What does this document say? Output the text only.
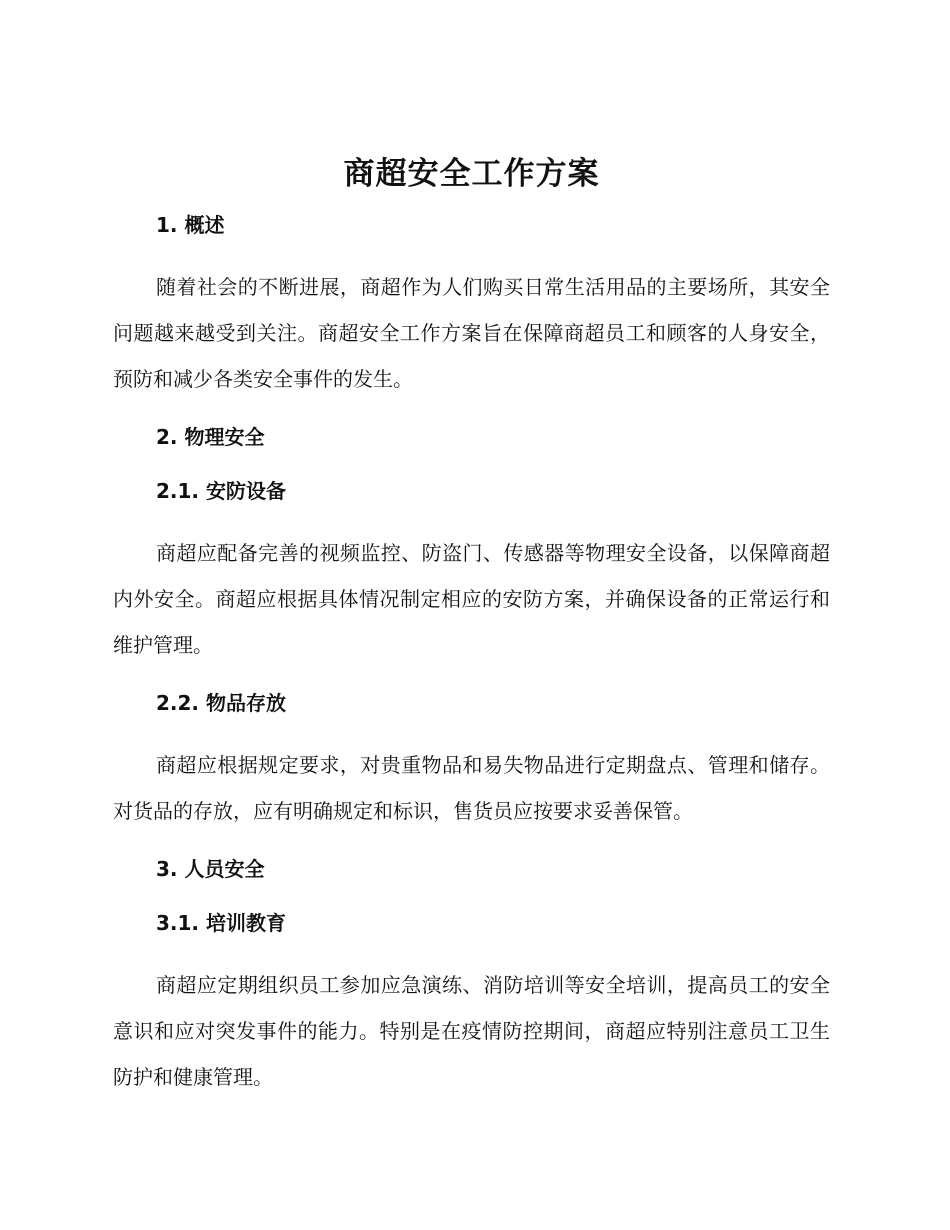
商超安全工作方案
1. 概述

随着社会的不断进展，商超作为人们购买日常生活用品的主要场所，其安全问题越来越受到关注。商超安全工作方案旨在保障商超员工和顾客的人身安全，预防和减少各类安全事件的发生。

2. 物理安全
2.1. 安防设备

商超应配备完善的视频监控、防盗门、传感器等物理安全设备，以保障商超内外安全。商超应根据具体情况制定相应的安防方案，并确保设备的正常运行和维护管理。

2.2. 物品存放

商超应根据规定要求，对贵重物品和易失物品进行定期盘点、管理和储存。对货品的存放，应有明确规定和标识，售货员应按要求妥善保管。

3. 人员安全
3.1. 培训教育

商超应定期组织员工参加应急演练、消防培训等安全培训，提高员工的安全意识和应对突发事件的能力。特别是在疫情防控期间，商超应特别注意员工卫生防护和健康管理。
